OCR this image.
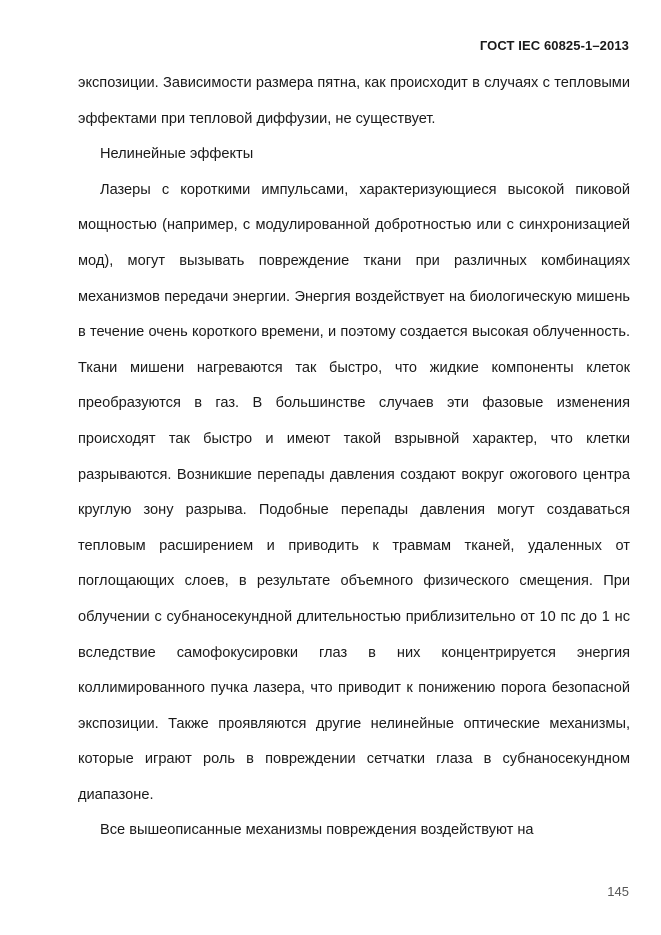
ГОСТ IEC 60825-1–2013

экспозиции. Зависимости размера пятна, как происходит в случаях с тепловыми эффектами при тепловой диффузии, не существует.

Нелинейные эффекты

Лазеры с короткими импульсами, характеризующиеся высокой пиковой мощностью (например, с модулированной добротностью или с синхронизацией мод), могут вызывать повреждение ткани при различных комбинациях механизмов передачи энергии. Энергия воздействует на биологическую мишень в течение очень короткого времени, и поэтому создается высокая облученность. Ткани мишени нагреваются так быстро, что жидкие компоненты клеток преобразуются в газ. В большинстве случаев эти фазовые изменения происходят так быстро и имеют такой взрывной характер, что клетки разрываются. Возникшие перепады давления создают вокруг ожогового центра круглую зону разрыва. Подобные перепады давления могут создаваться тепловым расширением и приводить к травмам тканей, удаленных от поглощающих слоев, в результате объемного физического смещения. При облучении с субнаносекундной длительностью приблизительно от 10 пс до 1 нс вследствие самофокусировки глаз в них концентрируется энергия коллимированного пучка лазера, что приводит к понижению порога безопасной экспозиции. Также проявляются другие нелинейные оптические механизмы, которые играют роль в повреждении сетчатки глаза в субнаносекундном диапазоне.

Все вышеописанные механизмы повреждения воздействуют на

145
